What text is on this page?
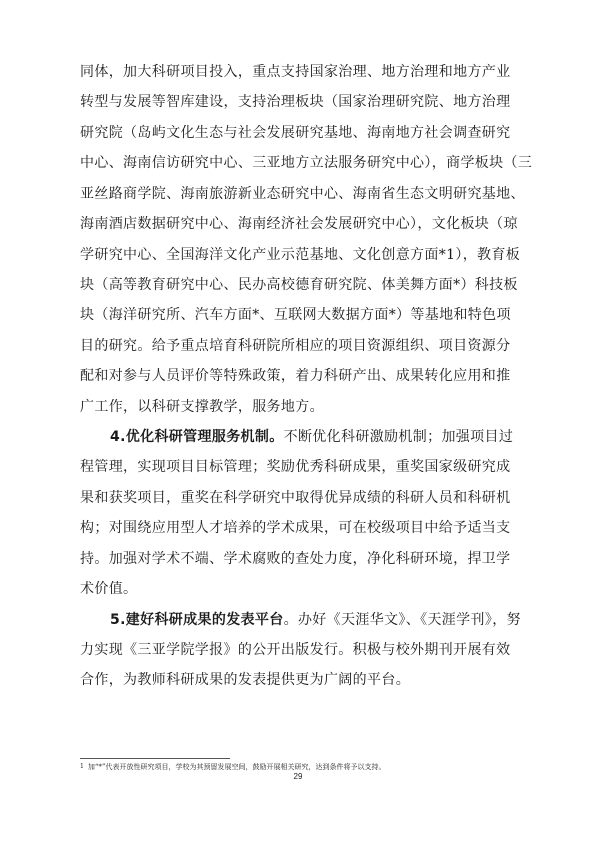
同体，加大科研项目投入，重点支持国家治理、地方治理和地方产业

转型与发展等智库建设，支持治理板块（国家治理研究院、地方治理

研究院（岛屿文化生态与社会发展研究基地、海南地方社会调查研究

中心、海南信访研究中心、三亚地方立法服务研究中心），商学板块（三

亚丝路商学院、海南旅游新业态研究中心、海南省生态文明研究基地、

海南酒店数据研究中心、海南经济社会发展研究中心），文化板块（琼

学研究中心、全国海洋文化产业示范基地、文化创意方面*1），教育板

块（高等教育研究中心、民办高校德育研究院、体美舞方面*）科技板

块（海洋研究所、汽车方面*、互联网大数据方面*）等基地和特色项

目的研究。给予重点培育科研院所相应的项目资源组织、项目资源分

配和对参与人员评价等特殊政策，着力科研产出、成果转化应用和推

广工作，以科研支撑教学，服务地方。

4.优化科研管理服务机制。不断优化科研激励机制；加强项目过

程管理，实现项目目标管理；奖励优秀科研成果，重奖国家级研究成

果和获奖项目，重奖在科学研究中取得优异成绩的科研人员和科研机

构；对围绕应用型人才培养的学术成果，可在校级项目中给予适当支

持。加强对学术不端、学术腐败的查处力度，净化科研环境，捍卫学

术价值。

5.建好科研成果的发表平台。办好《天涯华文》、《天涯学刊》，努

力实现《三亚学院学报》的公开出版发行。积极与校外期刊开展有效

合作，为教师科研成果的发表提供更为广阔的平台。

$^1$ 加“*”代表开放性研究项目，学校为其预留发展空间，鼓励开展相关研究，达到条件将予以支持。
29
